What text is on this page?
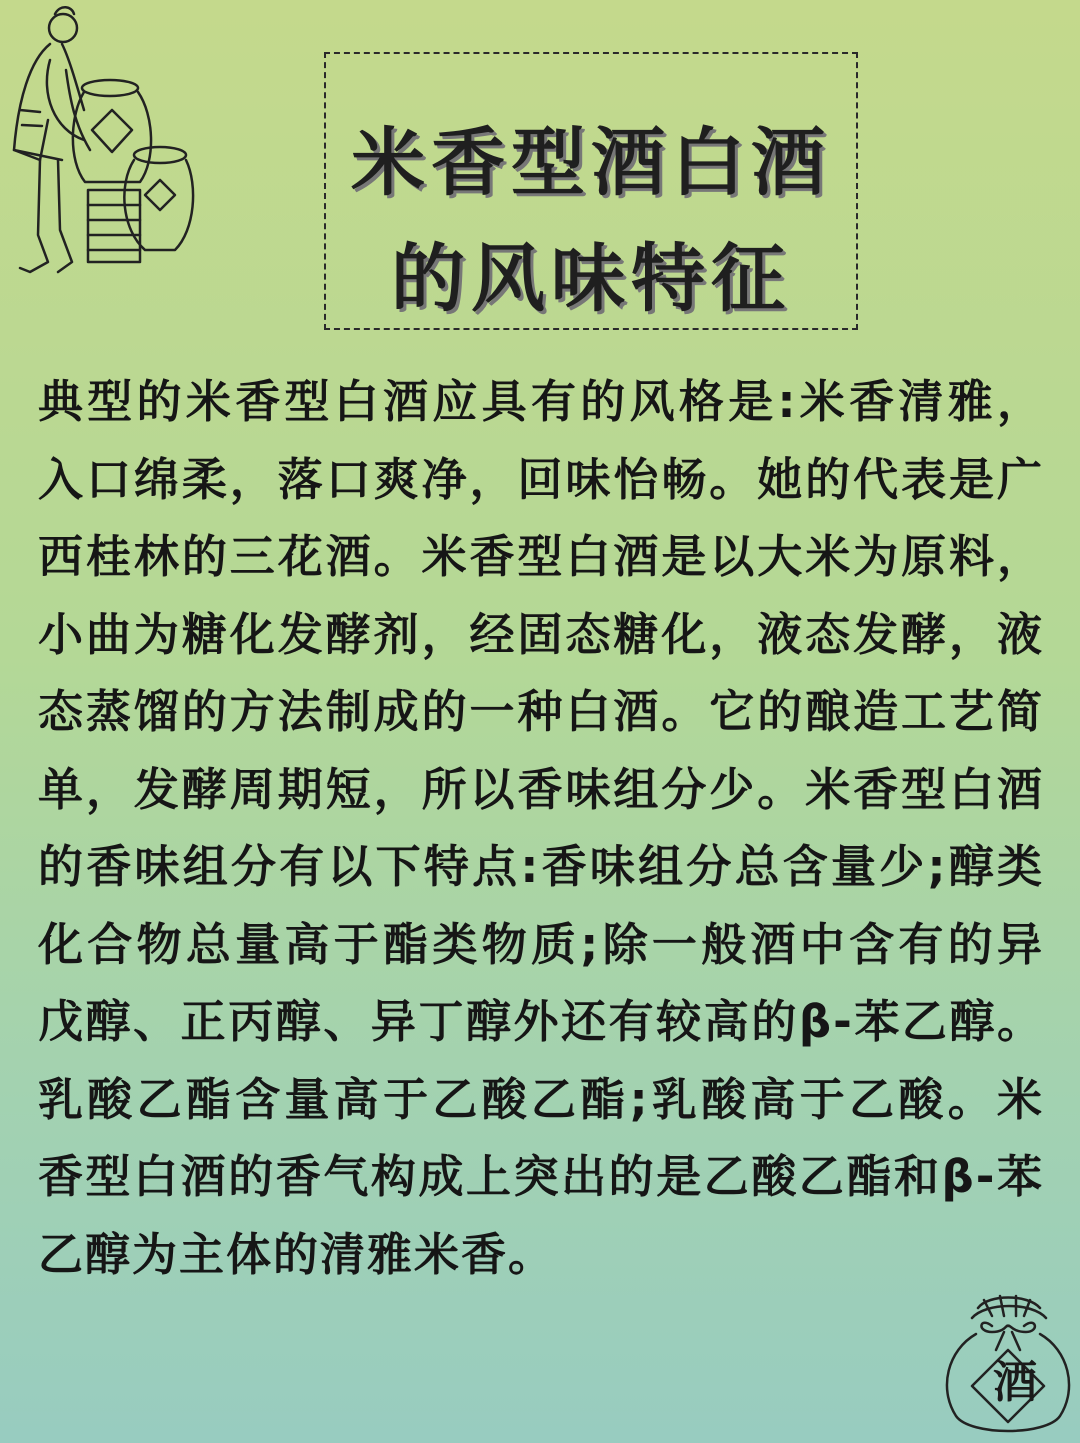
米香型酒白酒
的风味特征

典型的米香型白酒应具有的风格是:米香清雅，入口绵柔，落口爽净，回味怡畅。她的代表是广西桂林的三花酒。米香型白酒是以大米为原料，小曲为糖化发酵剂，经固态糖化，液态发酵，液态蒸馏的方法制成的一种白酒。它的酿造工艺简单，发酵周期短，所以香味组分少。米香型白酒的香味组分有以下特点:香味组分总含量少;醇类化合物总量高于酯类物质;除一般酒中含有的异戊醇、正丙醇、异丁醇外还有较高的β-苯乙醇。乳酸乙酯含量高于乙酸乙酯;乳酸高于乙酸。米香型白酒的香气构成上突出的是乙酸乙酯和β-苯乙醇为主体的清雅米香。

酒
